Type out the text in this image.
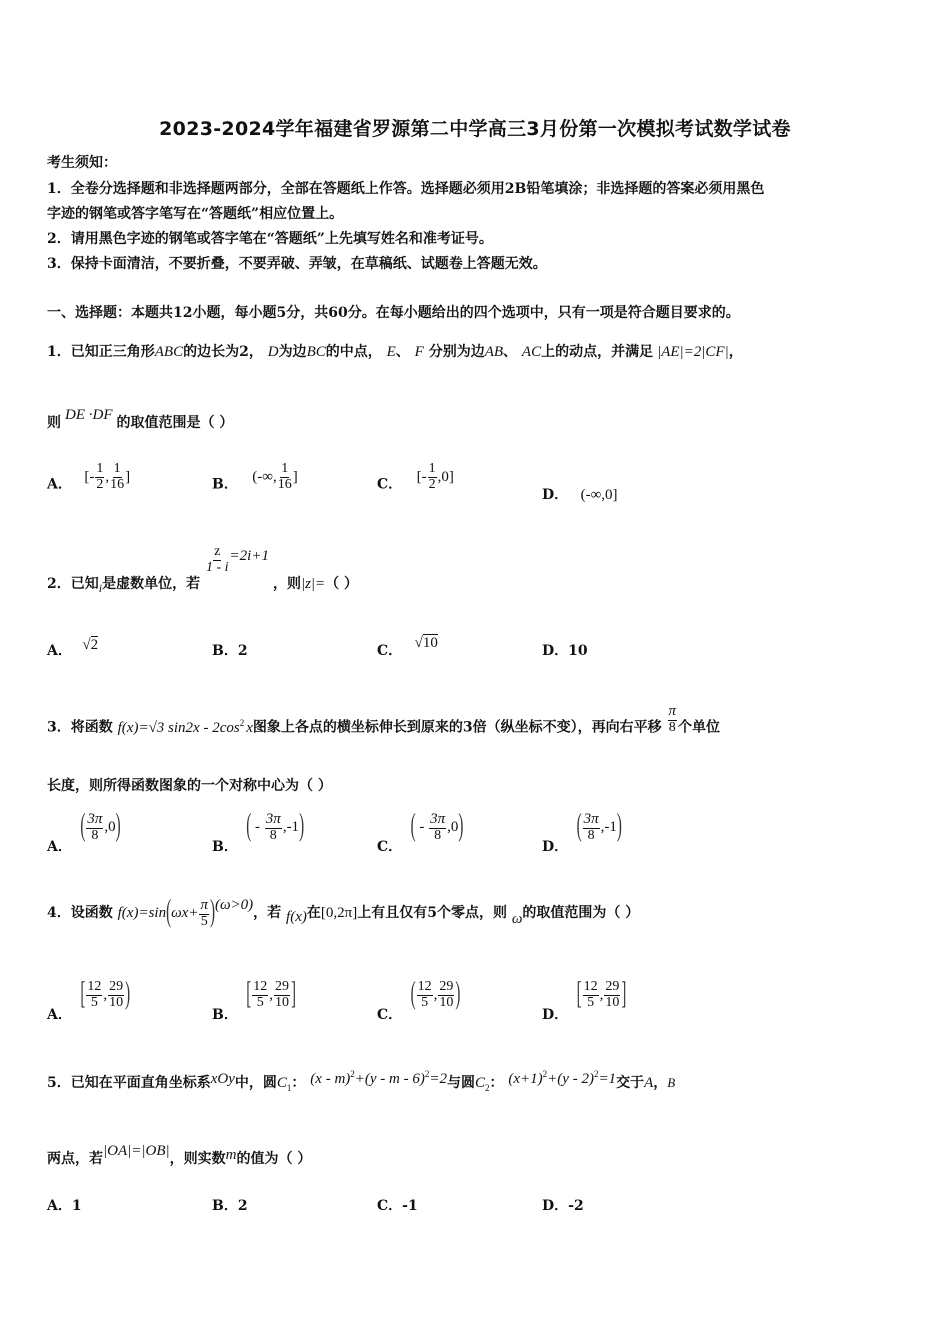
2023-2024学年福建省罗源第二中学高三3月份第一次模拟考试数学试卷
考生须知：
1．全卷分选择题和非选择题两部分，全部在答题纸上作答。选择题必须用2B铅笔填涂；非选择题的答案必须用黑色
字迹的钢笔或答字笔写在“答题纸”相应位置上。
2．请用黑色字迹的钢笔或答字笔在“答题纸”上先填写姓名和准考证号。
3．保持卡面清洁，不要折叠，不要弄破、弄皱，在草稿纸、试题卷上答题无效。
一、选择题：本题共12小题，每小题5分，共60分。在每小题给出的四个选项中，只有一项是符合题目要求的。
1．已知正三角形ABC的边长为2， D为边BC的中点， E、 F 分别为边AB、 AC上的动点，并满足 |AE|=2|CF|，
则 DE ·DF 的取值范围是（ ）
A． [- $\frac{1}{2}$ , $\frac{1}{16}$ ]	B． (-∞, $\frac{1}{16}$ ]	C． [- $\frac{1}{2} ,0$]
D． (-∞,0]
2．已知i是虚数单位，若
$\frac{z}{1 - i} =2i+1$，则|z|=（ ）
A． √2	B．2	C． √10	D．10
3．将函数 f(x)=√3 $\sin 2x - 2\cos^2$ x图象上各点的横坐标伸长到原来的3倍（纵坐标不变），再向右平移 $\frac{\pi}{8}$ 个单位
长度，则所得函数图象的一个对称中心为（ ）
A． ( $\frac{3\pi}{8} ,0$)
B． ( - $\frac{3\pi}{8} ,-1$)
C． ( - $\frac{3\pi}{8} ,0$)
D． ( $\frac{3\pi}{8} ,-1$)
4．设函数 $f(x)=\sin(\omega x+ \frac{\pi}{5} )(\omega>0)$，若 f(x)在[0,2π]上有且仅有5个零点，则 ω的取值范围为（ ）
A． [ $\frac{12}{5}$ , $\frac{29}{10}$ )
B． [ $\frac{12}{5}$ , $\frac{29}{10}$ ]
C． ( $\frac{12}{5}$ , $\frac{29}{10}$ )
D． [ $\frac{12}{5}$ , $\frac{29}{10}$ ]
5．已知在平面直角坐标系xOy中，圆$C_1$： (x - m)$^2$+(y - m - 6)$^2$=2与圆$C_2$： $(x+1)^2+(y - 2)^2=1$交于A，B
两点，若|OA|=|OB|，则实数m的值为（ ）
A．1	B．2	C．-1	D．-2
